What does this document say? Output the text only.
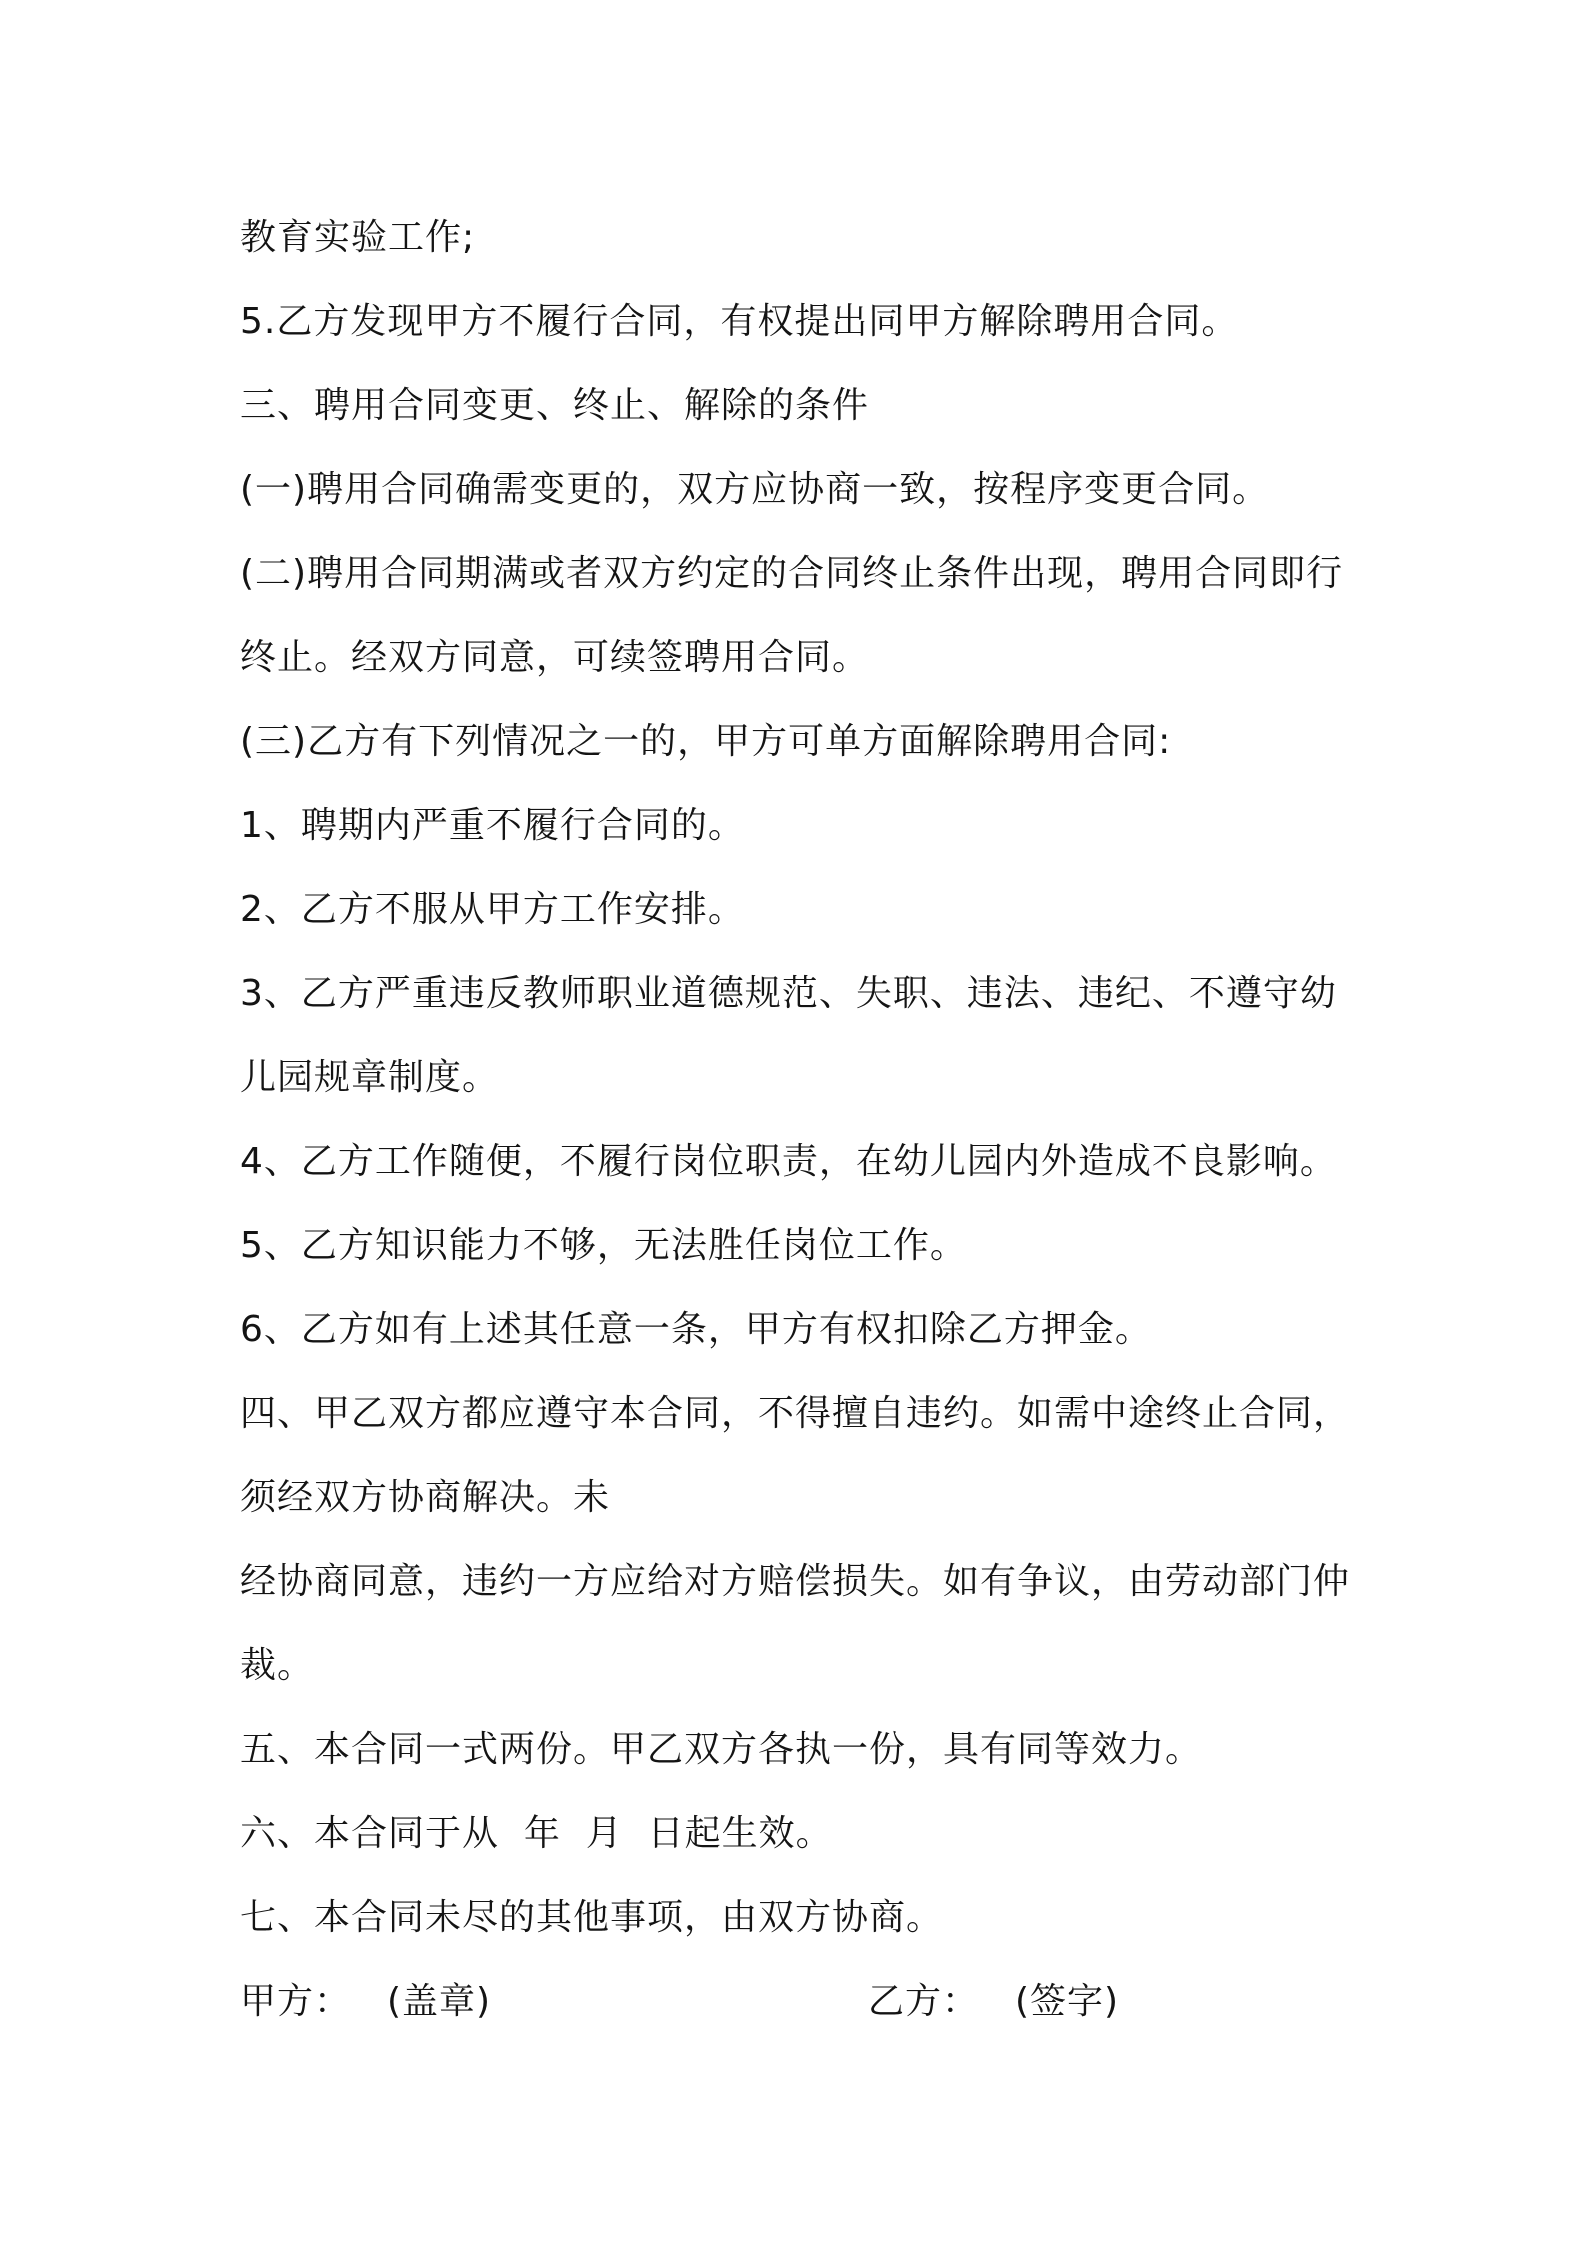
教育实验工作;
5.乙方发现甲方不履行合同，有权提出同甲方解除聘用合同。
三、聘用合同变更、终止、解除的条件
(一)聘用合同确需变更的，双方应协商一致，按程序变更合同。
(二)聘用合同期满或者双方约定的合同终止条件出现，聘用合同即行
终止。经双方同意，可续签聘用合同。
(三)乙方有下列情况之一的，甲方可单方面解除聘用合同:
1、聘期内严重不履行合同的。
2、乙方不服从甲方工作安排。
3、乙方严重违反教师职业道德规范、失职、违法、违纪、不遵守幼
儿园规章制度。
4、乙方工作随便，不履行岗位职责，在幼儿园内外造成不良影响。
5、乙方知识能力不够，无法胜任岗位工作。
6、乙方如有上述其任意一条，甲方有权扣除乙方押金。
四、甲乙双方都应遵守本合同，不得擅自违约。如需中途终止合同，
须经双方协商解决。未
经协商同意，违约一方应给对方赔偿损失。如有争议，由劳动部门仲
裁。
五、本合同一式两份。甲乙双方各执一份，具有同等效力。
六、本合同于从  年  月  日起生效。
七、本合同未尽的其他事项，由双方协商。
甲方： (盖章)	乙方： (签字)
